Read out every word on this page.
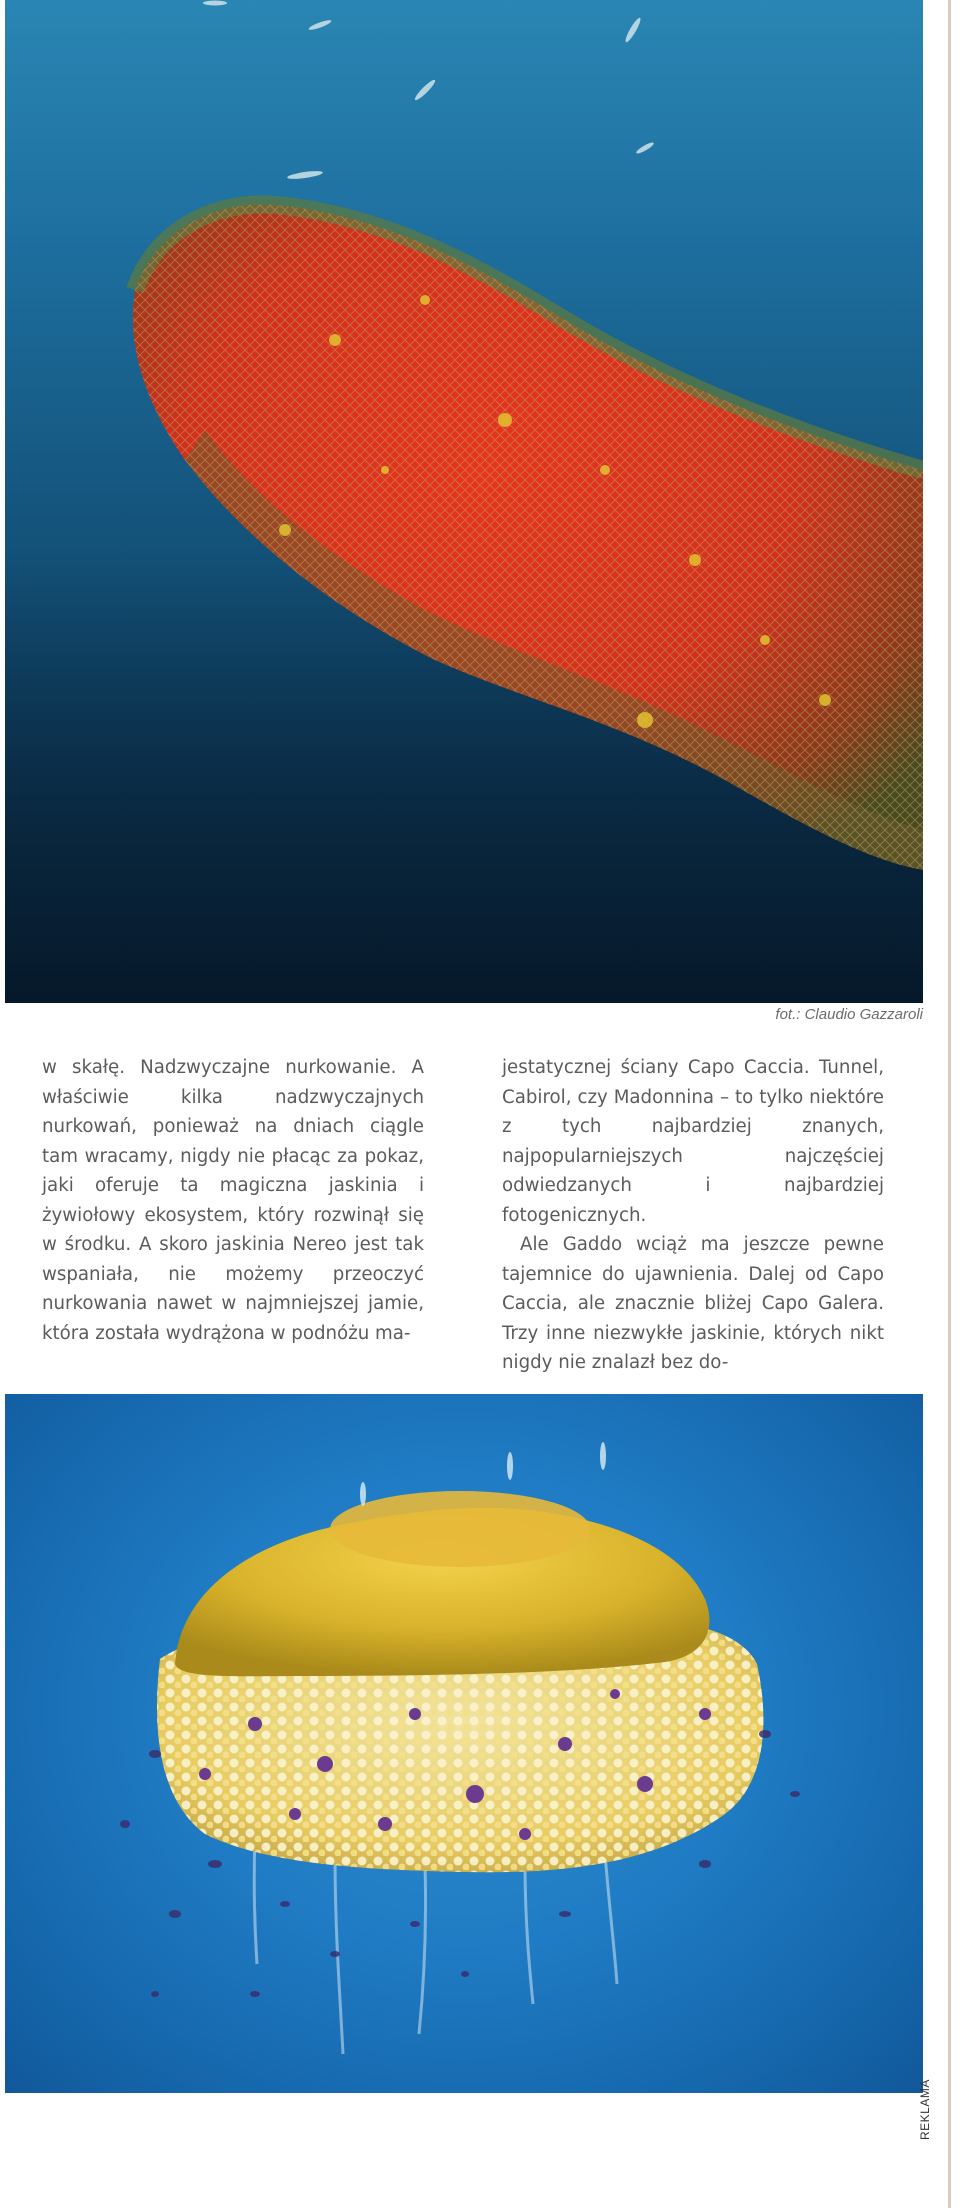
fot.: Claudio Gazzaroli

w skałę. Nadzwyczajne nurkowanie. A właściwie kilka nadzwyczajnych nurkowań, ponieważ na dniach ciągle tam wracamy, nigdy nie płacąc za pokaz, jaki oferuje ta magiczna jaskinia i żywiołowy ekosystem, który rozwinął się w środku. A skoro jaskinia Nereo jest tak wspaniała, nie możemy przeoczyć nurkowania nawet w najmniejszej jamie, która została wydrążona w podnóżu ma-

jestatycznej ściany Capo Caccia. Tunnel, Cabirol, czy Madonnina – to tylko niektóre z tych najbardziej znanych, najpopularniejszych najczęściej odwiedzanych i najbardziej fotogenicznych.

Ale Gaddo wciąż ma jeszcze pewne tajemnice do ujawnienia. Dalej od Capo Caccia, ale znacznie bliżej Capo Galera. Trzy inne niezwykłe jaskinie, których nikt nigdy nie znalazł bez do-

REKLAMA
